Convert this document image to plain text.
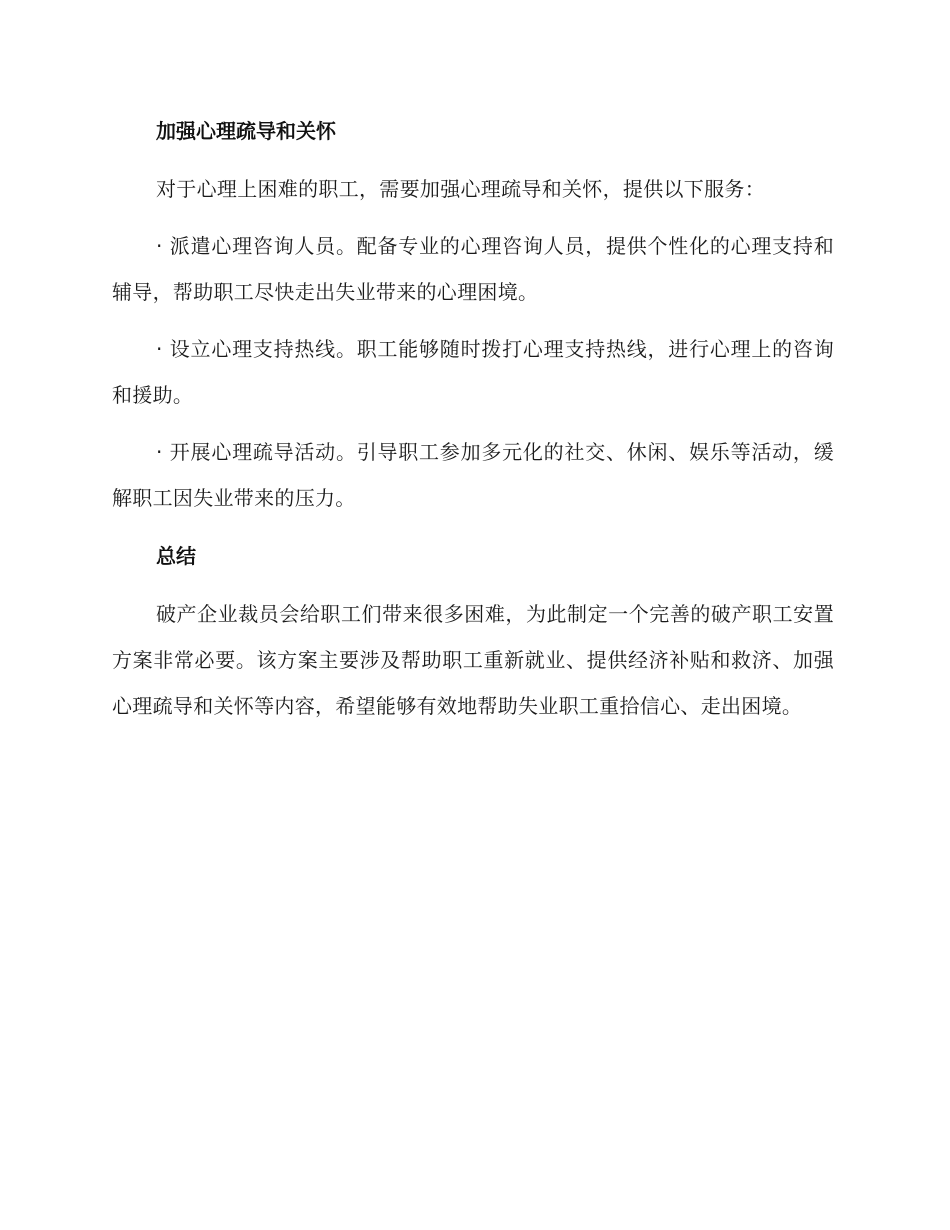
加强心理疏导和关怀

对于心理上困难的职工，需要加强心理疏导和关怀，提供以下服务：

· 派遣心理咨询人员。配备专业的心理咨询人员，提供个性化的心理支持和辅导，帮助职工尽快走出失业带来的心理困境。

· 设立心理支持热线。职工能够随时拨打心理支持热线，进行心理上的咨询和援助。

· 开展心理疏导活动。引导职工参加多元化的社交、休闲、娱乐等活动，缓解职工因失业带来的压力。

总结

破产企业裁员会给职工们带来很多困难，为此制定一个完善的破产职工安置方案非常必要。该方案主要涉及帮助职工重新就业、提供经济补贴和救济、加强心理疏导和关怀等内容，希望能够有效地帮助失业职工重拾信心、走出困境。
